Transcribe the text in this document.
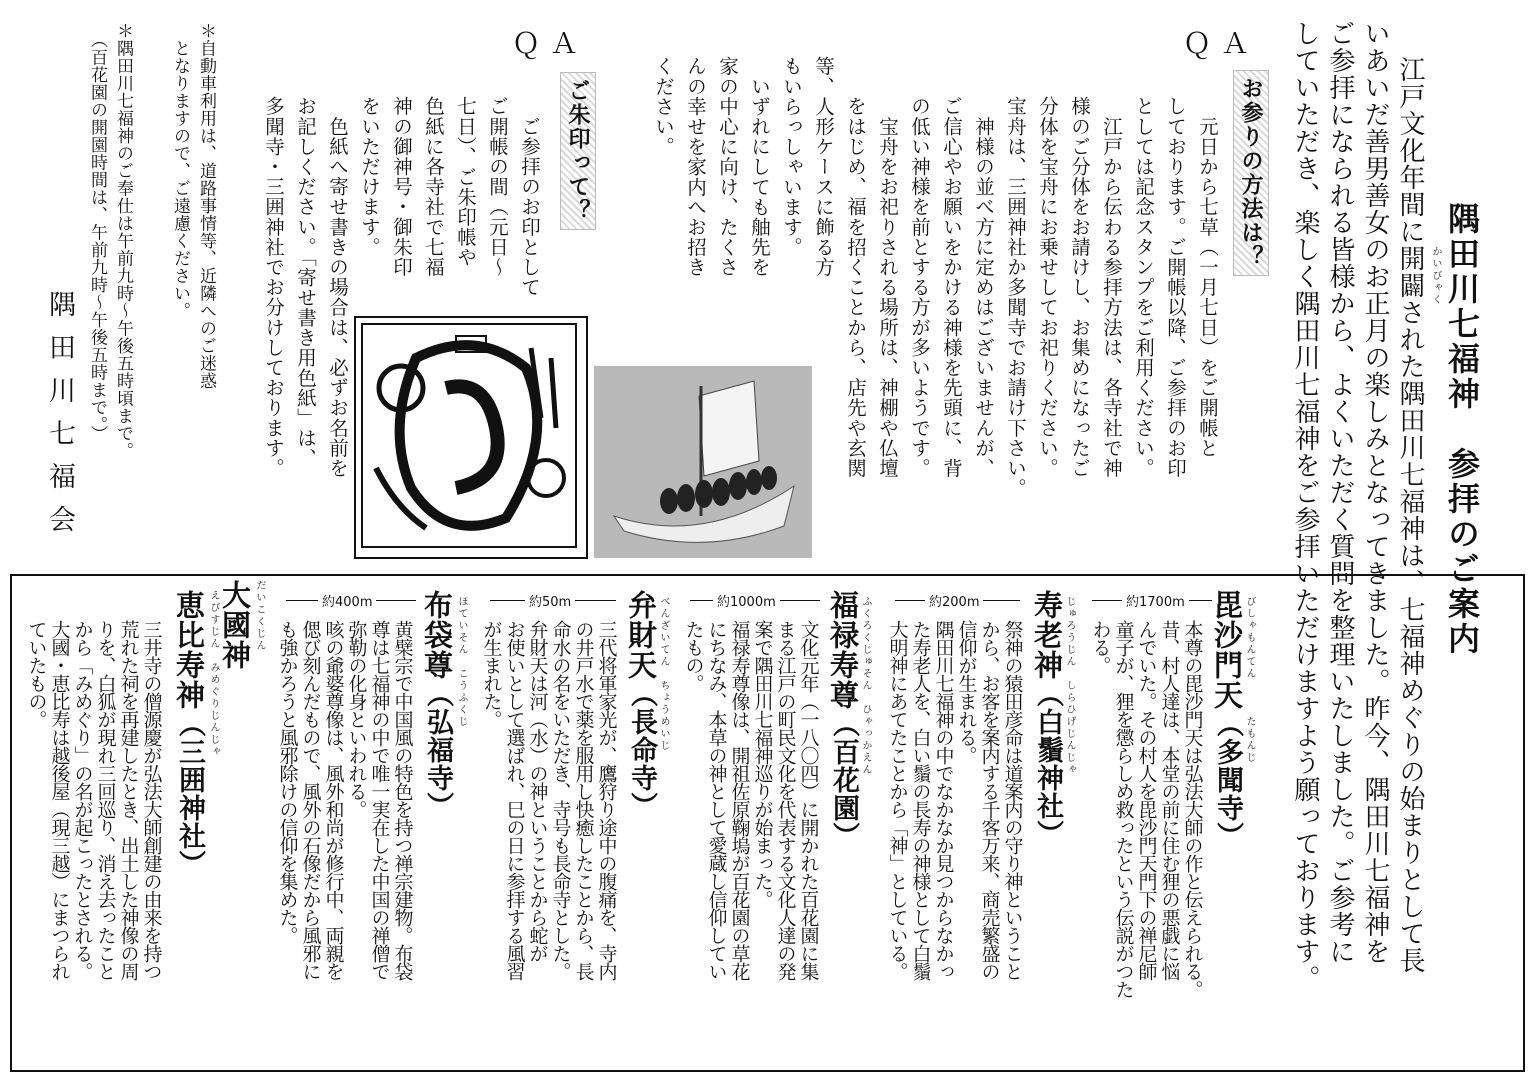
隅田川七福神　参拝のご案内
かいびゃく
江戸文化年間に開闢された隅田川七福神は、七福神めぐりの始まりとして長
いあいだ善男善女のお正月の楽しみとなってきました。昨今、隅田川七福神を
ご参拝になられる皆様から、よくいただく質問を整理いたしました。ご参考に
していただき、楽しく隅田川七福神をご参拝いただけますよう願っております。
ＱＡ
お参りの方法は？
　元日から七草（一月七日）をご開帳と
しております。ご開帳以降、ご参拝のお印
としては記念スタンプをご利用ください。
　江戸から伝わる参拝方法は、各寺社で神
様のご分体をお請けし、お集めになったご
分体を宝舟にお乗せしてお祀りください。
宝舟は、三囲神社か多聞寺でお請け下さい。
　神様の並べ方に定めはございませんが、
ご信心やお願いをかける神様を先頭に、背
の低い神様を前とする方が多いようです。
　宝舟をお祀りされる場所は、神棚や仏壇
をはじめ、福を招くことから、店先や玄関
等、人形ケースに飾る方
もいらっしゃいます。
　いずれにしても舳先を
家の中心に向け、たくさ
んの幸せを家内へお招き
ください。
ＱＡ
ご朱印って？
　ご参拝のお印として
ご開帳の間（元日〜
七日）、ご朱印帳や
色紙に各寺社で七福
神の御神号・御朱印
をいただけます。
　色紙へ寄せ書きの場合は、必ずお名前を
お記しください。「寄せ書き用色紙」は、
多聞寺・三囲神社でお分けしております。
＊自動車利用は、道路事情等、近隣へのご迷惑
　となりますので、ご遠慮ください。
＊隅田川七福神のご奉仕は午前九時〜午後五時頃まで。
　（百花園の開園時間は、午前九時〜午後五時まで。）
隅田川七福会
約1700m
約200m
約1000m
約50m
約400m	びしゃもんてん　　　たもんじ
毘沙門天（多聞寺）
本尊の毘沙門天は弘法大師の作と伝えられる。
昔、村人達は、本堂の前に住む狸の悪戯に悩
んでいた。その村人を毘沙門天門下の禅尼師
童子が、狸を懲らしめ救ったという伝説がつた
わる。
じゅろうじん　しらひげじんじゃ
寿老神（白鬚神社）
祭神の猿田彦命は道案内の守り神ということ
から、お客を案内する千客万来、商売繁盛の
信仰が生まれる。
隅田川七福神の中でなかなか見つからなかっ
た寿老人を、白い鬚の長寿の神様として白鬚
大明神にあてたことから「神」としている。
ふくろくじゅそん　ひゃっかえん
福禄寿尊（百花園）
文化元年（一八〇四）に開かれた百花園に集
まる江戸の町民文化を代表する文化人達の発
案で隅田川七福神巡りが始まった。
福禄寿尊像は、開祖佐原鞠塢が百花園の草花
にちなみ、本草の神として愛蔵し信仰してい
たもの。
べんざいてん　ちょうめいじ
弁財天（長命寺）
三代将軍家光が、鷹狩り途中の腹痛を、寺内
の井戸水で薬を服用し快癒したことから、長
命水の名をいただき、寺号も長命寺とした。
弁財天は河（水）の神ということから蛇が
お使いとして選ばれ、巳の日に参拝する風習
が生まれた。
ほていそん　こうふくじ
布袋尊（弘福寺）
黄檗宗で中国風の特色を持つ禅宗建物。布袋
尊は七福神の中で唯一実在した中国の禅僧で
弥勒の化身といわれる。
咳の爺婆尊像は、風外和尚が修行中、両親を
偲び刻んだもので、風外の石像だから風邪に
も強かろうと風邪除けの信仰を集めた。
だいこくじん
大國神
えびすじん　みめぐりじんじゃ
恵比寿神（三囲神社）
三井寺の僧源慶が弘法大師創建の由来を持つ
荒れた祠を再建したとき、出土した神像の周
りを、白狐が現れ三回巡り、消え去ったこと
から「みめぐり」の名が起こったとされる。
大國・恵比寿は越後屋（現三越）にまつられ
ていたもの。
